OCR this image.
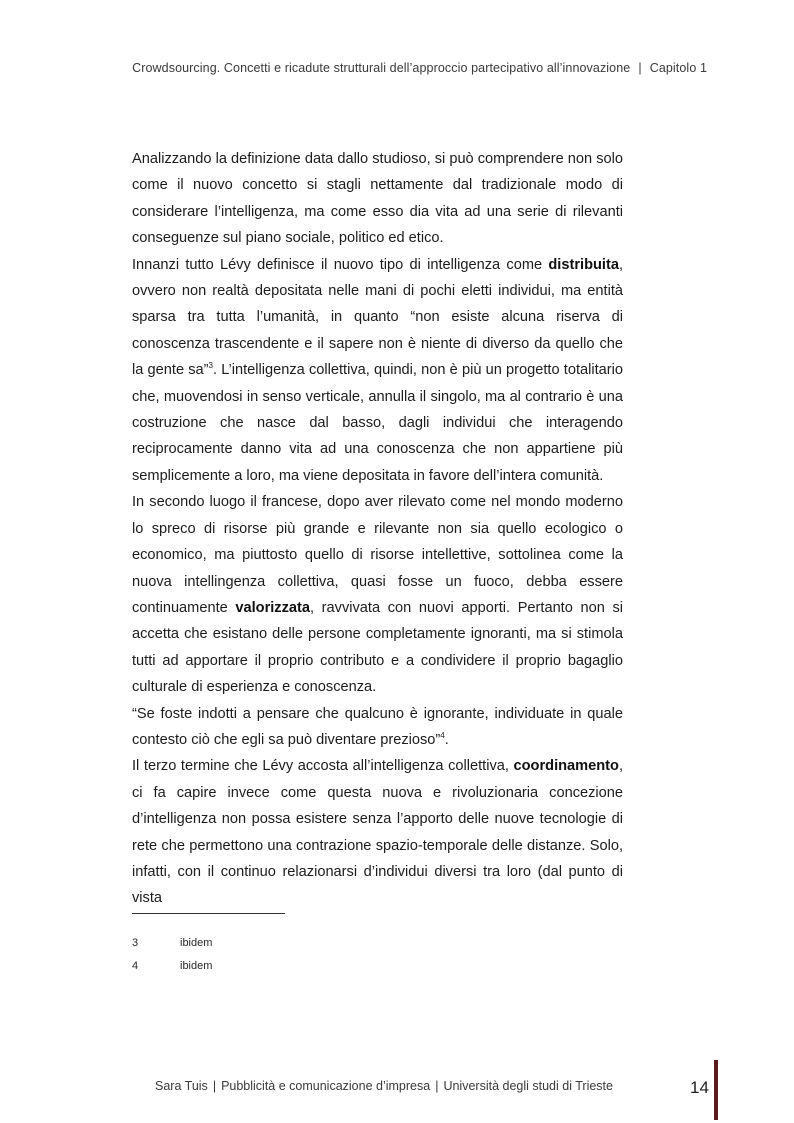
Crowdsourcing. Concetti e ricadute strutturali dell’approccio partecipativo all’innovazione | Capitolo 1

Analizzando la definizione data dallo studioso, si può comprendere non solo come il nuovo concetto si stagli nettamente dal tradizionale modo di considerare l’intelligenza, ma come esso dia vita ad una serie di rilevanti conseguenze sul piano sociale, politico ed etico.

Innanzi tutto Lévy definisce il nuovo tipo di intelligenza come distribuita, ovvero non realtà depositata nelle mani di pochi eletti individui, ma entità sparsa tra tutta l’umanità, in quanto “non esiste alcuna riserva di conoscenza trascendente e il sapere non è niente di diverso da quello che la gente sa”$^3$. L’intelligenza collettiva, quindi, non è più un progetto totalitario che, muovendosi in senso verticale, annulla il singolo, ma al contrario è una costruzione che nasce dal basso, dagli individui che interagendo reciprocamente danno vita ad una conoscenza che non appartiene più semplicemente a loro, ma viene depositata in favore dell’intera comunità.

In secondo luogo il francese, dopo aver rilevato come nel mondo moderno lo spreco di risorse più grande e rilevante non sia quello ecologico o economico, ma piuttosto quello di risorse intellettive, sottolinea come la nuova intellingenza collettiva, quasi fosse un fuoco, debba essere continuamente valorizzata, ravvivata con nuovi apporti. Pertanto non si accetta che esistano delle persone completamente ignoranti, ma si stimola tutti ad apportare il proprio contributo e a condividere il proprio bagaglio culturale di esperienza e conoscenza.

“Se foste indotti a pensare che qualcuno è ignorante, individuate in quale contesto ciò che egli sa può diventare prezioso”$^4$.

Il terzo termine che Lévy accosta all’intelligenza collettiva, coordinamento, ci fa capire invece come questa nuova e rivoluzionaria concezione d’intelligenza non possa esistere senza l’apporto delle nuove tecnologie di rete che permettono una contrazione spazio-temporale delle distanze. Solo, infatti, con il continuo relazionarsi d’individui diversi tra loro (dal punto di vista

3	ibidem
4	ibidem
Sara Tuis | Pubblicità e comunicazione d’impresa | Università degli studi di Trieste	14
